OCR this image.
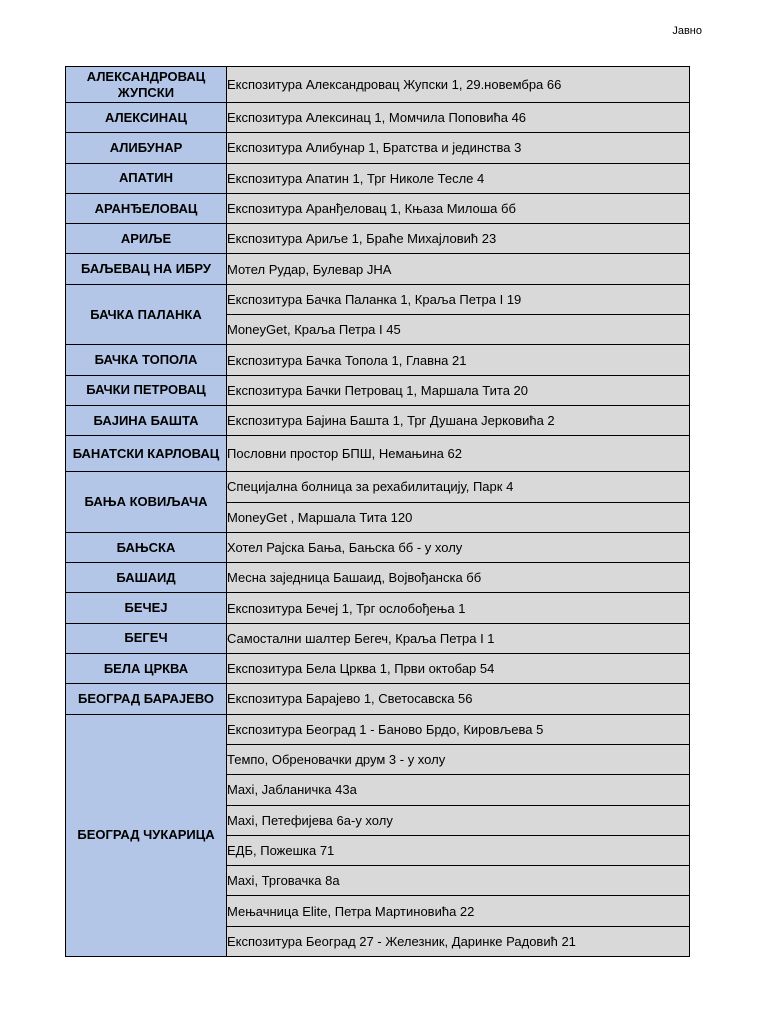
Јавно
АЛЕКСАНДРОВАЦ ЖУПСКИ	Експозитура Александровац Жупски 1, 29.новембра 66
АЛЕКСИНАЦ	Експозитура Алексинац 1, Момчила Поповића 46
АЛИБУНАР	Експозитура Алибунар 1, Братства и јединства 3
АПАТИН	Експозитура Апатин 1, Трг Николе Тесле 4
АРАНЂЕЛОВАЦ	Експозитура Аранђеловац 1, Књаза Милоша бб
АРИЉЕ	Експозитура Ариље 1, Браће Михајловић 23
БАЉЕВАЦ НА ИБРУ	Мотел Рудар, Булевар ЈНА
БАЧКА ПАЛАНКА	Експозитура Бачка Паланка 1, Краља Петра I 19
	MoneyGet, Краља Петра I 45
БАЧКА ТОПОЛА	Експозитура Бачка Топола 1, Главна 21
БАЧКИ ПЕТРОВАЦ	Експозитура Бачки Петровац 1, Маршала Тита 20
БАЈИНА БАШТА	Експозитура Бајина Башта 1, Трг Душана Јерковића 2
БАНАТСКИ КАРЛОВАЦ	Пословни простор БПШ, Немањина 62
БАЊА КОВИЉАЧА	Специјална болница за рехабилитацију, Парк 4
	MoneyGet , Маршала Тита 120
БАЊСКА	Хотел Рајска Бања, Бањска бб - у холу
БАШАИД	Месна заједница Башаид, Војвођанска бб
БЕЧЕЈ	Експозитура Бечеј 1, Трг ослобођења 1
БЕГЕЧ	Самостални шалтер Бегеч, Краља Петра I 1
БЕЛА ЦРКВА	Експозитура Бела Црква 1, Први октобар 54
БЕОГРАД БАРАЈЕВО	Експозитура Барајево 1, Светосавска 56
БЕОГРАД ЧУКАРИЦА	Експозитура Београд 1 - Баново Брдо, Кировљева 5
	Темпо, Обреновачки друм 3 - у холу
	Maxi, Јабланичка 43а
	Maxi, Петефијева 6а-у холу
	ЕДБ, Пожешка 71
	Maxi, Трговачка 8а
	Мењачница Elite, Петра Мартиновића 22
	Експозитура Београд 27 - Железник, Даринке Радовић 21
